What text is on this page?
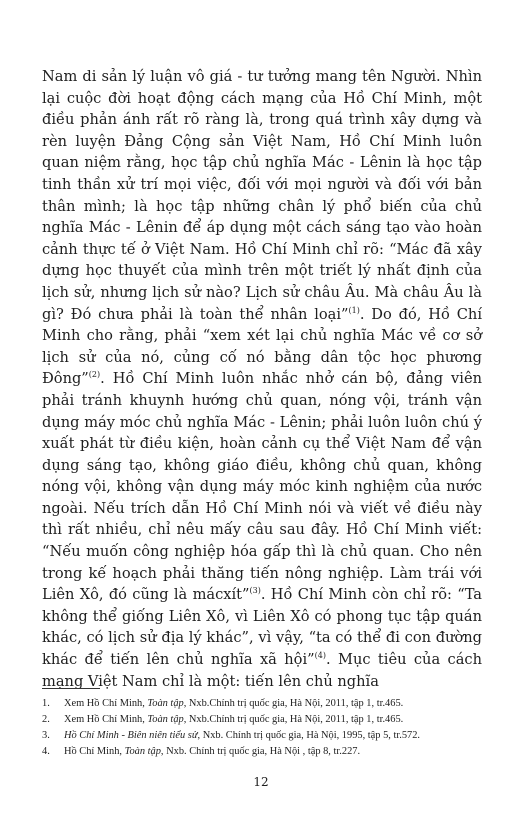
Nam di sản lý luận vô giá - tư tưởng mang tên Người. Nhìn lại cuộc đời hoạt động cách mạng của Hồ Chí Minh, một điều phản ánh rất rõ ràng là, trong quá trình xây dựng và rèn luyện Đảng Cộng sản Việt Nam, Hồ Chí Minh luôn quan niệm rằng, học tập chủ nghĩa Mác - Lênin là học tập tinh thần xử trí mọi việc, đối với mọi người và đối với bản thân mình; là học tập những chân lý phổ biến của chủ nghĩa Mác - Lênin để áp dụng một cách sáng tạo vào hoàn cảnh thực tế ở Việt Nam. Hồ Chí Minh chỉ rõ: “Mác đã xây dựng học thuyết của mình trên một triết lý nhất định của lịch sử, nhưng lịch sử nào? Lịch sử châu Âu. Mà châu Âu là gì? Đó chưa phải là toàn thể nhân loại”$^{(1)}$. Do đó, Hồ Chí Minh cho rằng, phải “xem xét lại chủ nghĩa Mác về cơ sở lịch sử của nó, củng cố nó bằng dân tộc học phương Đông”$^{(2)}$. Hồ Chí Minh luôn nhắc nhở cán bộ, đảng viên phải tránh khuynh hướng chủ quan, nóng vội, tránh vận dụng máy móc chủ nghĩa Mác - Lênin; phải luôn luôn chú ý xuất phát từ điều kiện, hoàn cảnh cụ thể Việt Nam để vận dụng sáng tạo, không giáo điều, không chủ quan, không nóng vội, không vận dụng máy móc kinh nghiệm của nước ngoài. Nếu trích dẫn Hồ Chí Minh nói và viết về điều này thì rất nhiều, chỉ nêu mấy câu sau đây. Hồ Chí Minh viết: “Nếu muốn công nghiệp hóa gấp thì là chủ quan. Cho nên trong kế hoạch phải thăng tiến nông nghiệp. Làm trái với Liên Xô, đó cũng là mácxít”$^{(3)}$. Hồ Chí Minh còn chỉ rõ: “Ta không thể giống Liên Xô, vì Liên Xô có phong tục tập quán khác, có lịch sử địa lý khác”, vì vậy, “ta có thể đi con đường khác để tiến lên chủ nghĩa xã hội”$^{(4)}$. Mục tiêu của cách mạng Việt Nam chỉ là một: tiến lên chủ nghĩa

1.	Xem Hồ Chí Minh, Toàn tập, Nxb.Chính trị quốc gia, Hà Nội, 2011, tập 1, tr.465.
2.	Xem Hồ Chí Minh, Toàn tập, Nxb.Chính trị quốc gia, Hà Nội, 2011, tập 1, tr.465.
3.	Hồ Chí Minh - Biên niên tiểu sử, Nxb. Chính trị quốc gia, Hà Nội, 1995, tập 5, tr.572.
4.	Hồ Chí Minh, Toàn tập, Nxb. Chính trị quốc gia, Hà Nội , tập 8, tr.227.
12
